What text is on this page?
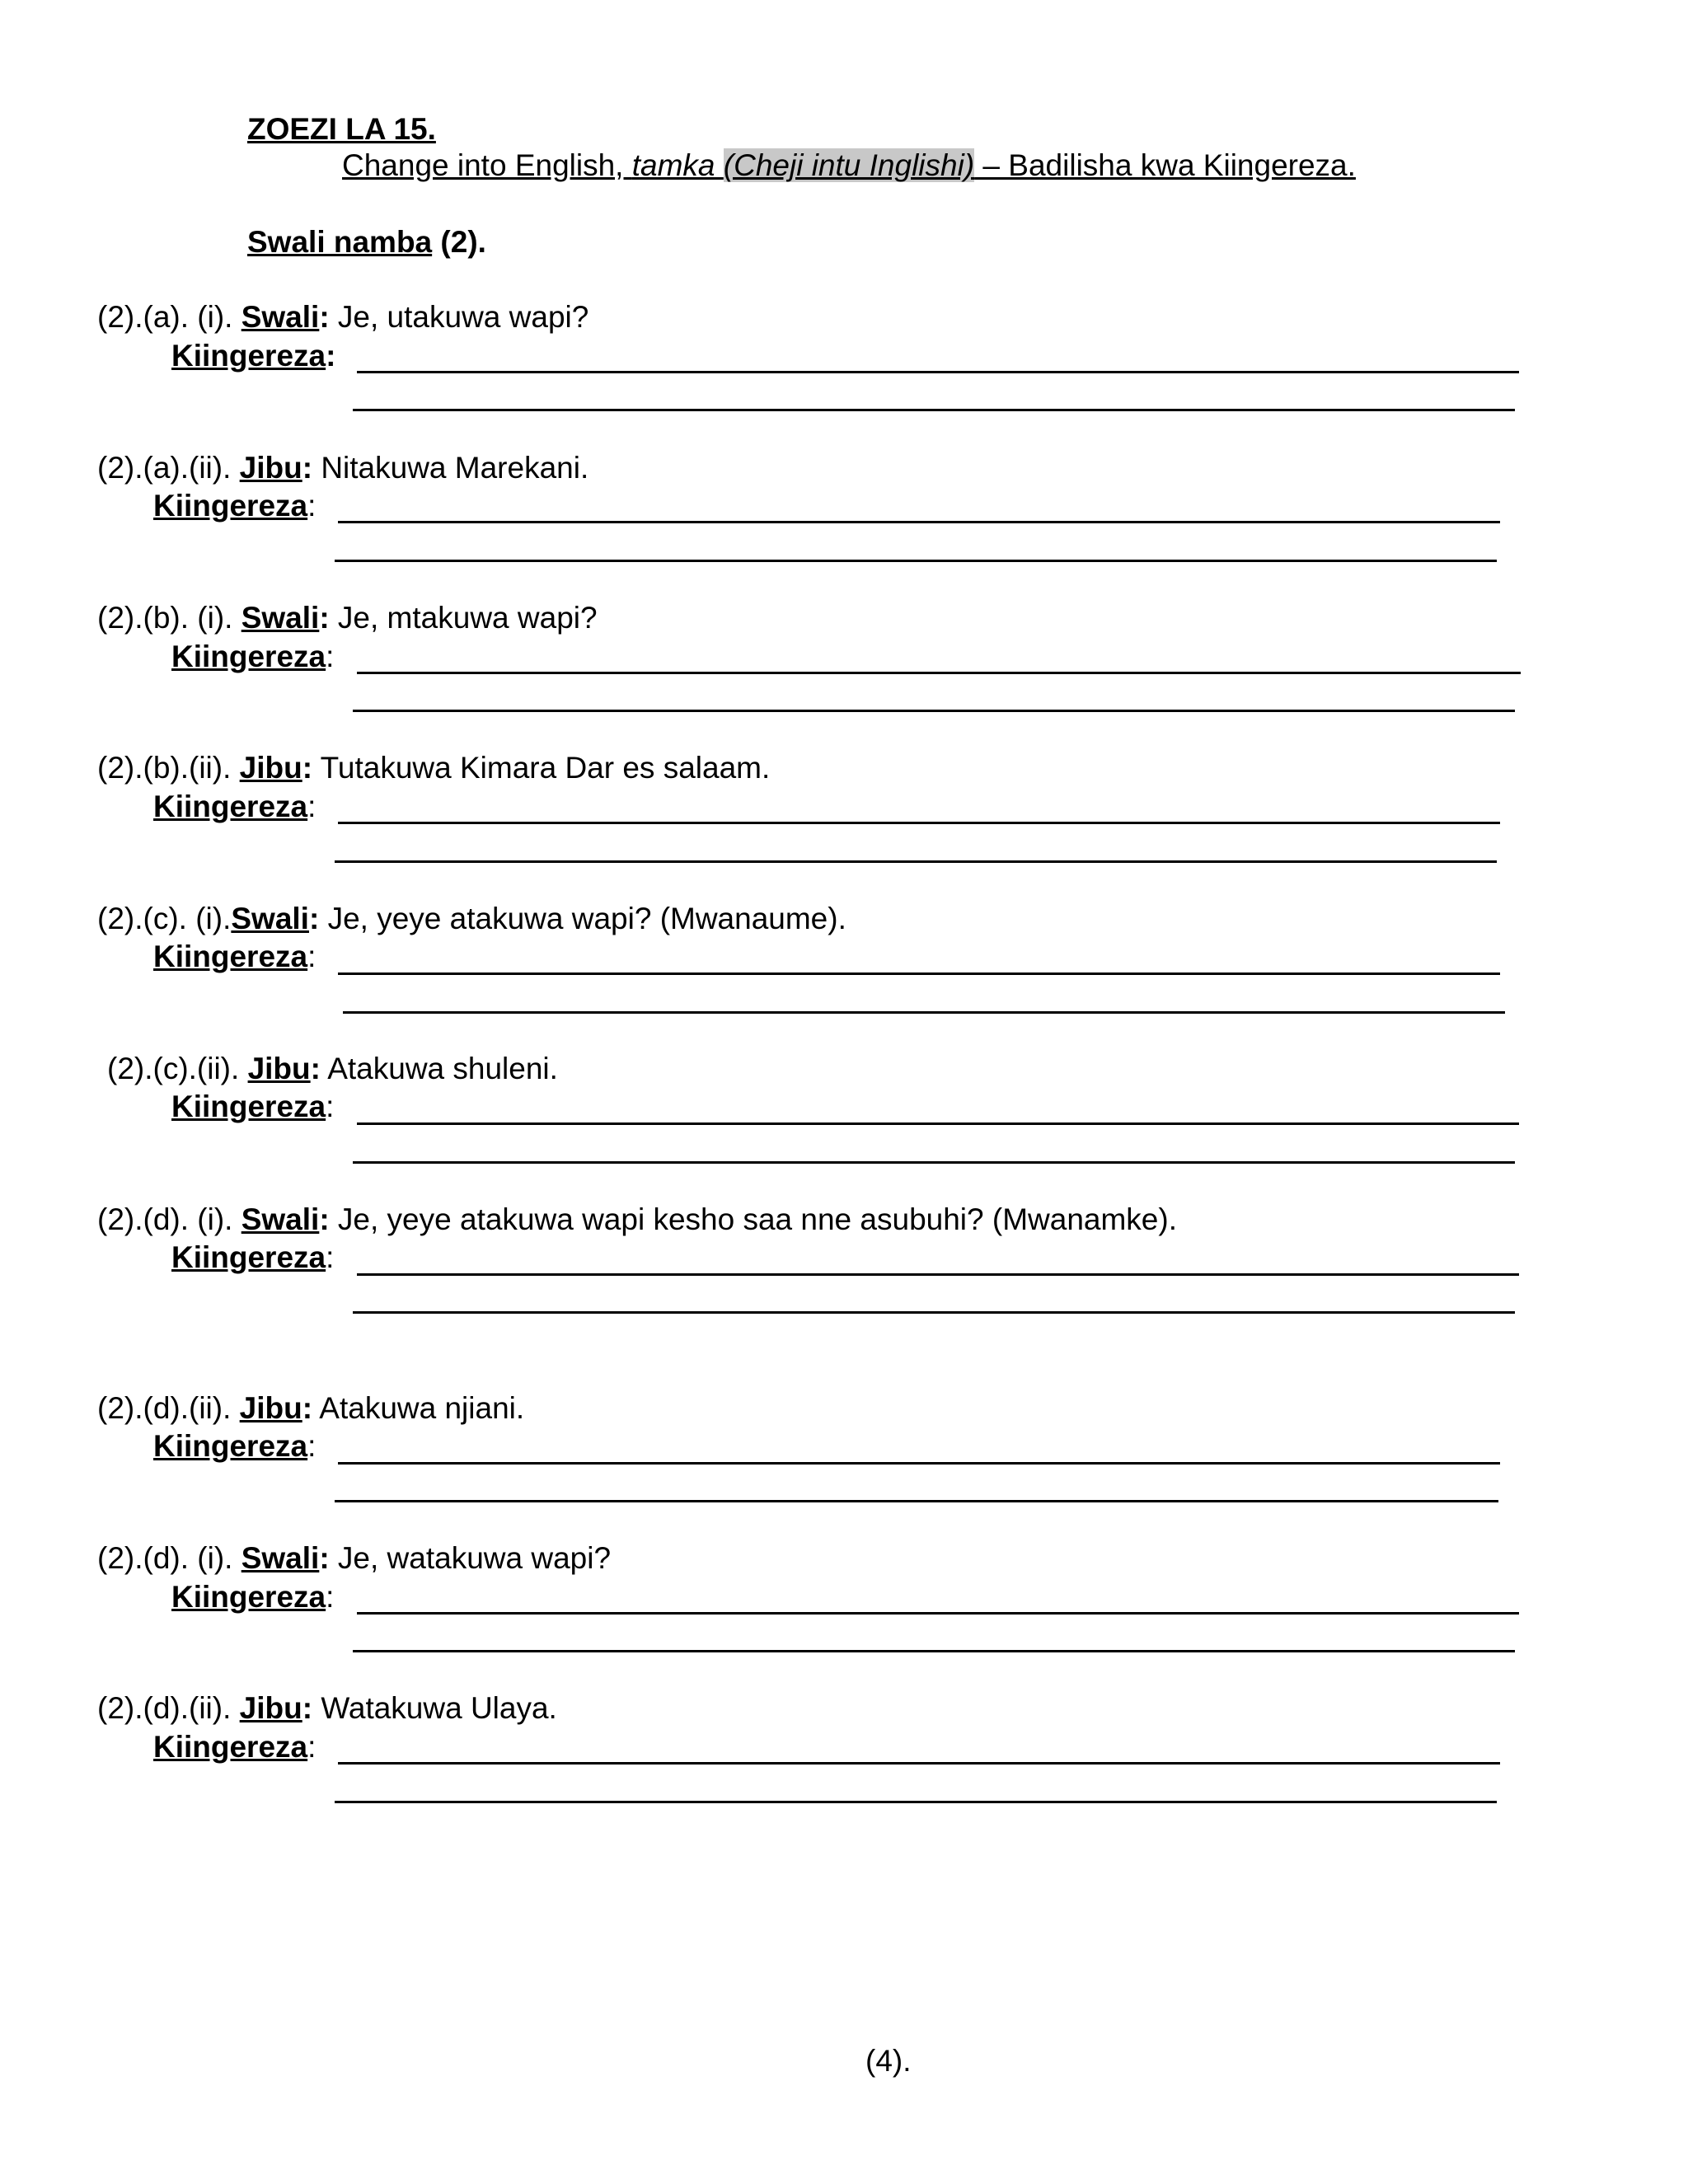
ZOEZI LA 15.
Change into English, tamka (Cheji intu Inglishi) – Badilisha kwa Kiingereza.
Swali namba (2).
(2).(a). (i). Swali: Je, utakuwa wapi?
Kiingereza:
(2).(a).(ii). Jibu: Nitakuwa Marekani.
Kiingereza:
(2).(b). (i). Swali: Je, mtakuwa wapi?
Kiingereza:
(2).(b).(ii). Jibu: Tutakuwa Kimara Dar es salaam.
Kiingereza:
(2).(c). (i).Swali: Je, yeye atakuwa wapi? (Mwanaume).
Kiingereza:
(2).(c).(ii). Jibu: Atakuwa shuleni.
Kiingereza:
(2).(d). (i). Swali: Je, yeye atakuwa wapi kesho saa nne asubuhi? (Mwanamke).
Kiingereza:
(2).(d).(ii). Jibu: Atakuwa njiani.
Kiingereza:
(2).(d). (i). Swali: Je, watakuwa wapi?
Kiingereza:
(2).(d).(ii). Jibu: Watakuwa Ulaya.
Kiingereza:
(4).
